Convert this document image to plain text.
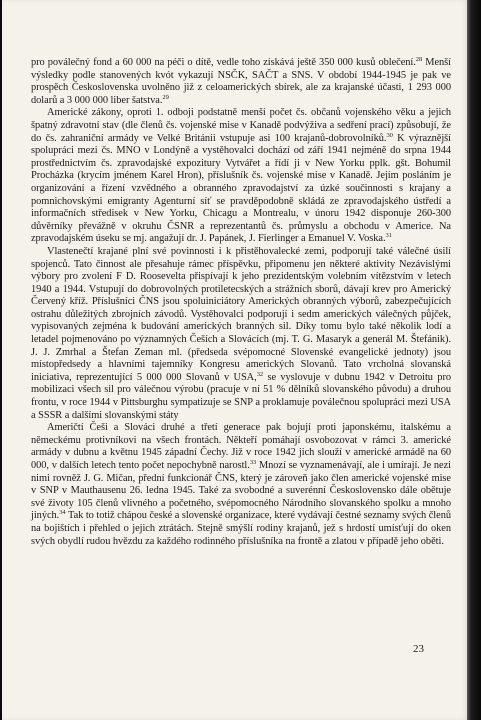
pro poválečný fond a 60 000 na péči o dítě, vedle toho získává ještě 350 000 kusů oblečení.$^{28}$ Menší výsledky podle stanovených kvót vykazují NSČK, SAČT a SNS. V období 1944-1945 je pak ve prospěch Československa uvolněno již z celoamerických sbírek, ale za krajanské účasti, 1 293 000 dolarů a 3 000 000 liber šatstva.$^{29}$

Americké zákony, oproti 1. odboji podstatně menší počet čs. občanů vojenského věku a jejich špatný zdravotní stav (dle členů čs. vojenské mise v Kanadě podvýživa a sedření prací) způsobují, že do čs. zahraniční armády ve Velké Británii vstupuje asi 100 krajanů-dobrovolníků.$^{30}$ K výraznější spolupráci mezi čs. MNO v Londýně a vystěhovalci dochází od září 1941 nejméně do srpna 1944 prostřednictvím čs. zpravodajské expozitury Vytvářet a řídí ji v New Yorku pplk. gšt. Bohumil Procházka (krycím jménem Karel Hron), příslušník čs. vojenské mise v Kanadě. Jejím posláním je organizování a řízení vzvědného a obranného zpravodajství za úzké součinnosti s krajany a pomnichovskými emigranty Agenturní síť se pravděpodobně skládá ze zpravodajského ústředí a informačních středisek v New Yorku, Chicagu a Montrealu, v únoru 1942 disponuje 260-300 důvěrníky převážně v okruhu ČSNR a reprezentantů čs. průmyslu a obchodu v Americe. Na zpravodajském úseku se mj. angažují dr. J. Papánek, J. Fierlinger a Emanuel V. Voska.$^{31}$

Vlastenečtí krajané plní své povinnosti i k přistěhovalecké zemi, podporují také válečné úsilí spojenců. Tato činnost ale přesahuje rámec příspěvku, připomenu jen některé aktivity Nezávislými výbory pro zvolení F D. Roosevelta přispívají k jeho prezidentským volebním vítězstvím v letech 1940 a 1944. Vstupují do dobrovolných protiletecských a strážních sborů, dávají krev pro Americký Červený kříž. Příslušníci ČNS jsou spoluiniciátory Amerických obranných výborů, zabezpečujících ostrahu důležitých zbrojních závodů. Vystěhovalci podporují i sedm amerických válečných půjček, vypisovaných zejména k budování amerických branných sil. Díky tomu bylo také několik lodí a letadel pojmenováno po významných Češích a Slovácích (mj. T. G. Masaryk a generál M. Štefánik). J. J. Zmrhal a Štefan Zeman ml. (předseda svépomocné Slovenské evangelické jednoty) jsou místopředsedy a hlavními tajemníky Kongresu amerických Slovanů. Tato vrcholná slovanská iniciativa, reprezentující 5 000 000 Slovanů v USA,$^{32}$ se vyslovuje v dubnu 1942 v Detroitu pro mobilizaci všech sil pro válečnou výrobu (pracuje v ní 51 % dělníků slovanského původu) a druhou frontu, v roce 1944 v Pittsburghu sympatizuje se SNP a proklamuje poválečnou spolupráci mezi USA a SSSR a dalšími slovanskými státy

Američtí Češi a Slováci druhé a třetí generace pak bojují proti japonskému, italskému a německému protivníkovi na všech frontách. Někteří pomáhají osvobozovat v rámci 3. americké armády v dubnu a květnu 1945 západní Čechy. Již v roce 1942 jich slouží v americké armádě na 60 000, v dalších letech tento počet nepochybně narostl.$^{33}$ Mnozí se vyznamenávají, ale i umírají. Je nezi nimi rovněž J. G. Mičan, přední funkcionář ČNS, který je zároveň jako člen americké vojenské mise v SNP v Mauthausenu 26. ledna 1945. Také za svobodné a suverénní Československo dále obětuje své životy 105 členů vlivného a početného, svépomocného Národního slovanského spolku a mnoho jiných.$^{34}$ Tak to totiž chápou české a slovenské organizace, které vydávají čestné seznamy svých členů na bojištích i přehled o jejich ztrátách. Stejně smýšlí rodiny krajanů, jež s hrdostí umísťují do oken svých obydlí rudou hvězdu za každého rodinného příslušníka na frontě a zlatou v případě jeho oběti.

23
